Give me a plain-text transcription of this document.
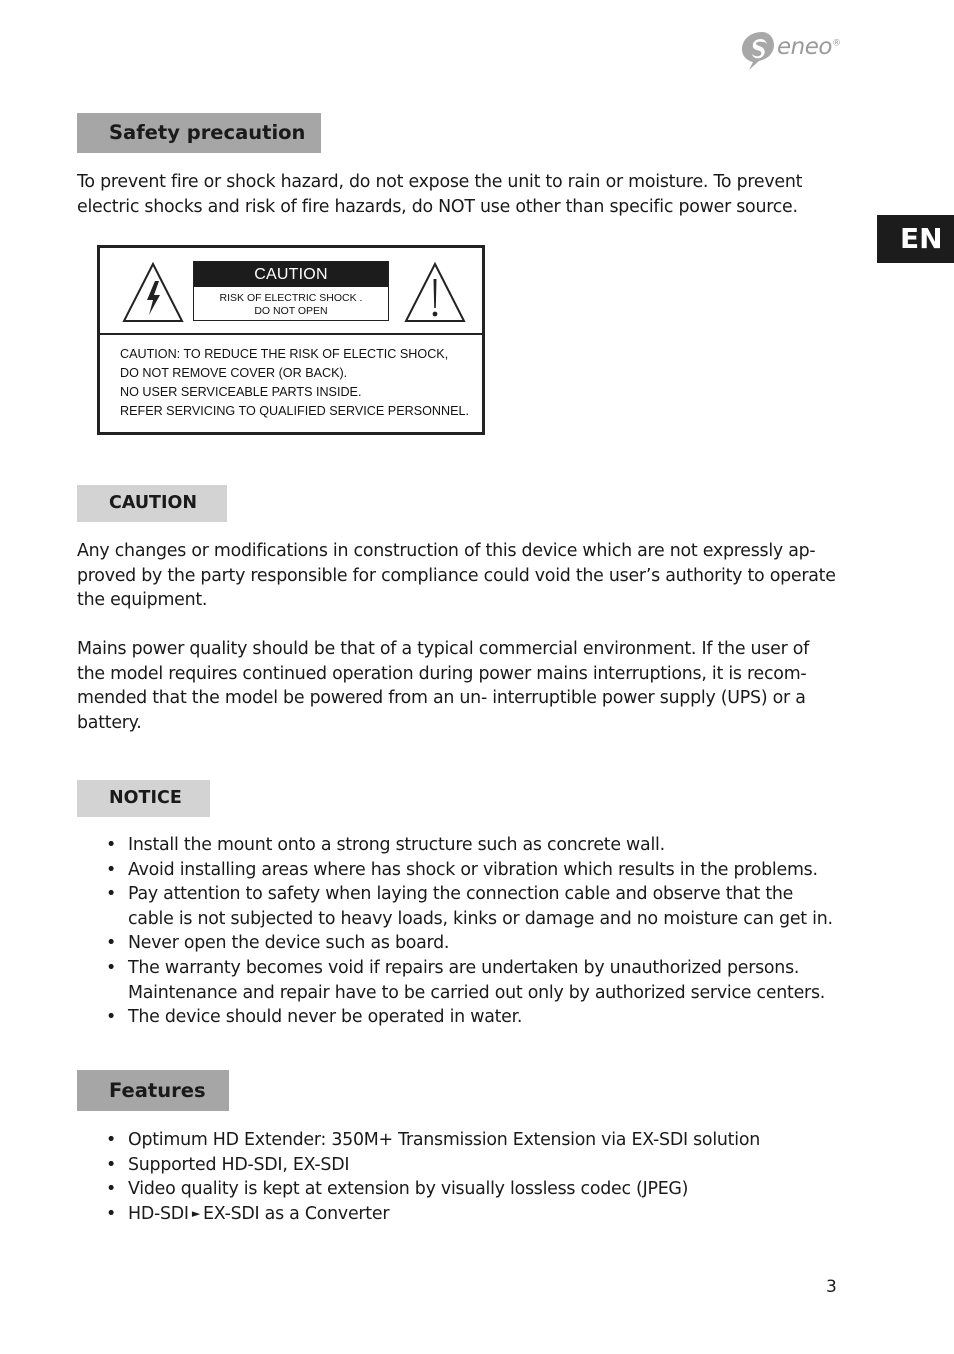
eneo®
EN
Safety precaution
To prevent fire or shock hazard, do not expose the unit to rain or moisture. To prevent
electric shocks and risk of fire hazards, do NOT use other than specific power source.
CAUTION
RISK OF ELECTRIC SHOCK .
DO NOT OPEN
CAUTION: TO REDUCE THE RISK OF ELECTIC SHOCK,
DO NOT REMOVE COVER (OR BACK).
NO USER SERVICEABLE PARTS INSIDE.
REFER SERVICING TO QUALIFIED SERVICE PERSONNEL.
CAUTION
Any changes or modifications in construction of this device which are not expressly ap-
proved by the party responsible for compliance could void the user’s authority to operate
the equipment.
Mains power quality should be that of a typical commercial environment. If the user of
the model requires continued operation during power mains interruptions, it is recom-
mended that the model be powered from an un- interruptible power supply (UPS) or a
battery.
NOTICE
• Install the mount onto a strong structure such as concrete wall.
• Avoid installing areas where has shock or vibration which results in the problems.
• Pay attention to safety when laying the connection cable and observe that the
cable is not subjected to heavy loads, kinks or damage and no moisture can get in.
• Never open the device such as board.
• The warranty becomes void if repairs are undertaken by unauthorized persons.
Maintenance and repair have to be carried out only by authorized service centers.
• The device should never be operated in water.
Features
• Optimum HD Extender: 350M+ Transmission Extension via EX-SDI solution
• Supported HD-SDI, EX-SDI
• Video quality is kept at extension by visually lossless codec (JPEG)
• HD-SDI ► EX-SDI as a Converter
3
